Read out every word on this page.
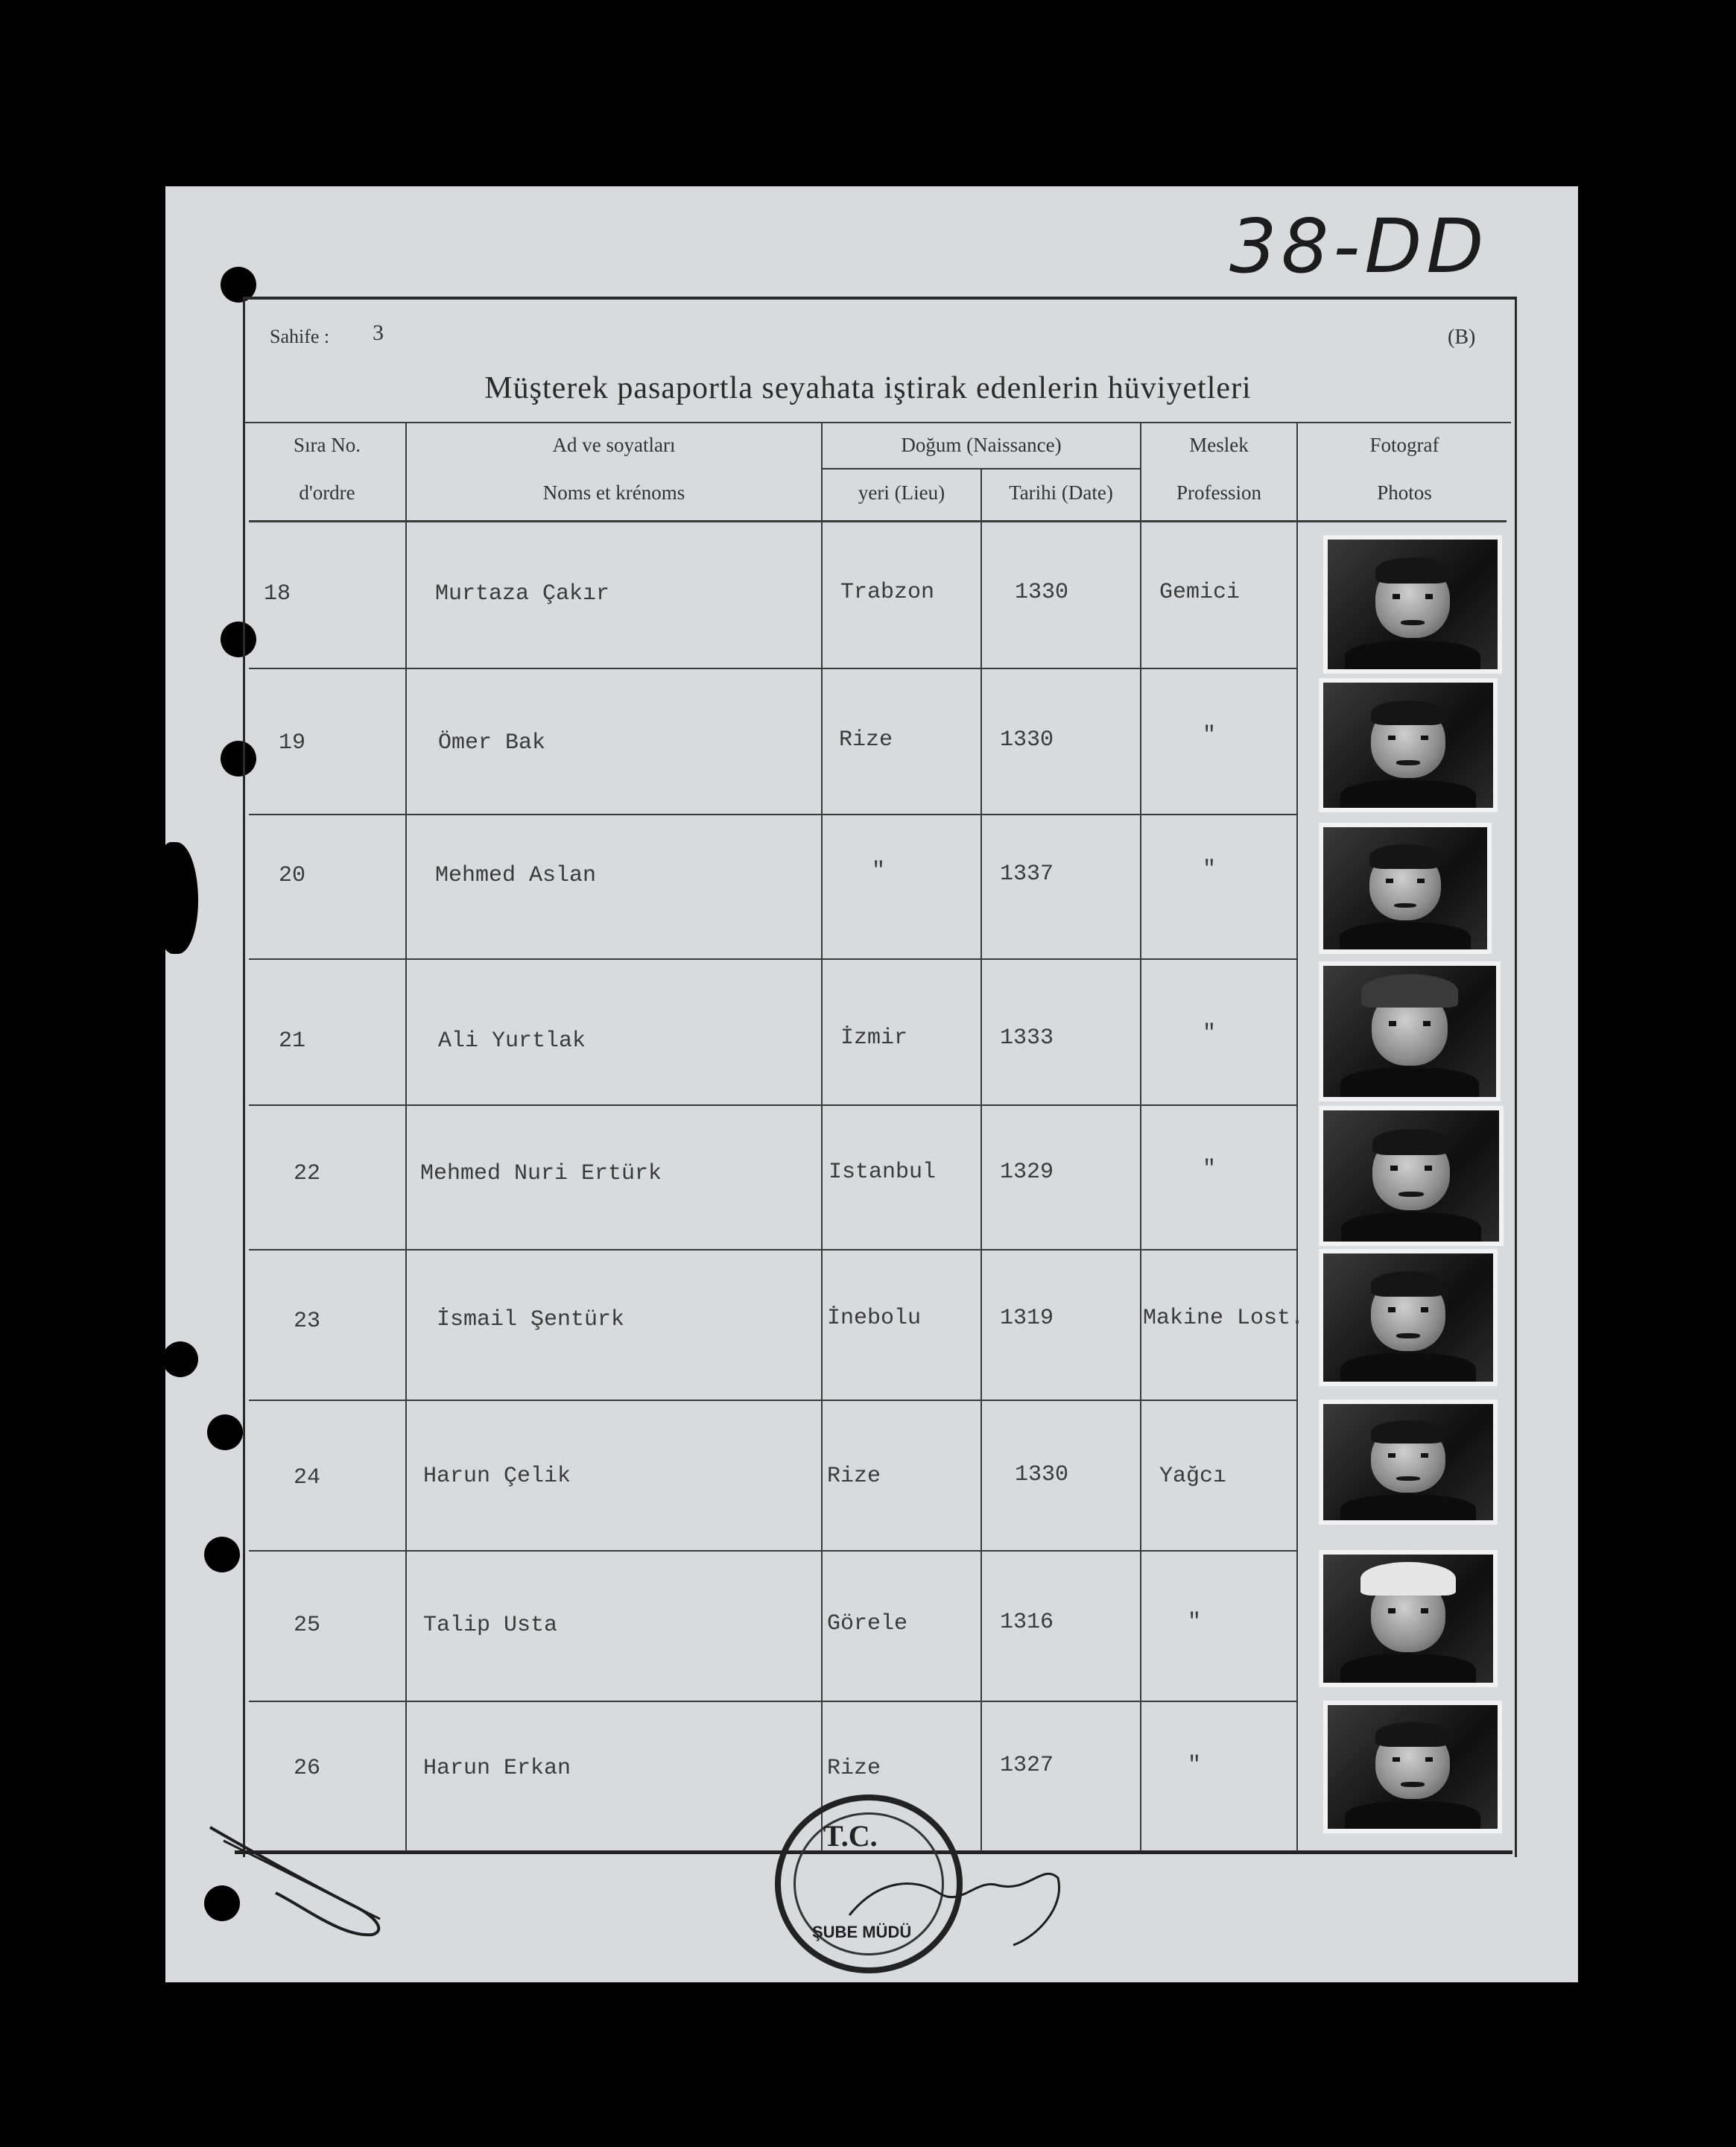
38-DD
Sahife : 3	(B)
Müşterek pasaportla seyahata iştirak edenlerin hüviyetleri
Sıra No.
d'ordre
Ad ve soyatları
Noms et krénoms
Doğum (Naissance)
yeri (Lieu)	Tarihi (Date)
Meslek
Profession
Fotograf
Photos
18	Murtaza Çakır	Trabzon	1330	Gemici
19	Ömer Bak	Rize	1330	"
20	Mehmed Aslan	"	1337	"
21	Ali Yurtlak	İzmir	1333	"
22	Mehmed Nuri Ertürk	Istanbul	1329	"
23	İsmail Şentürk	İnebolu	1319	Makine Lost.
24	Harun Çelik	Rize	1330	Yağcı
25	Talip Usta	Görele	1316	"
26	Harun Erkan	Rize	1327	"
T.C.
ŞUBE MÜDÜ
